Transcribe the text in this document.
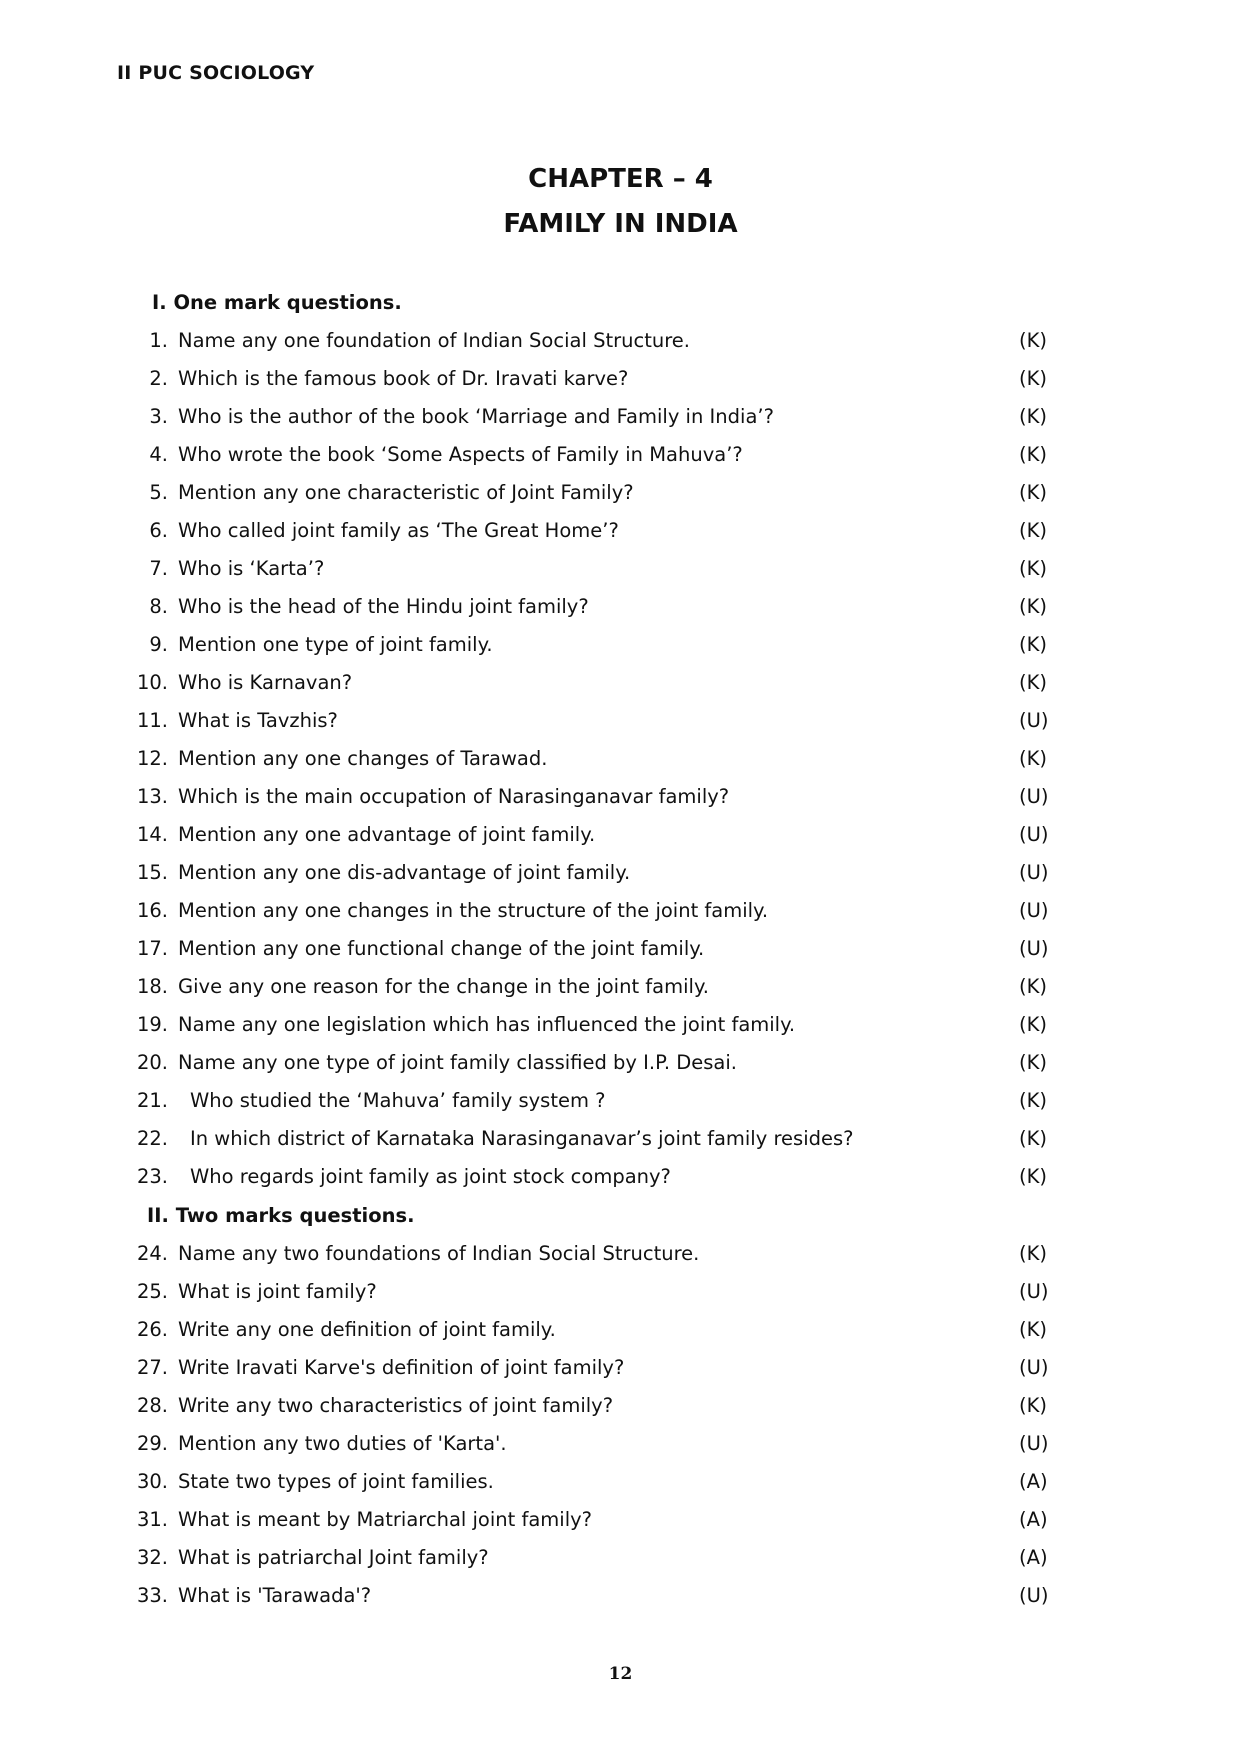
II PUC SOCIOLOGY
CHAPTER – 4
FAMILY IN INDIA
I. One mark questions.
1. Name any one foundation of Indian Social Structure.	(K)
2. Which is the famous book of Dr. Iravati karve?	(K)
3. Who is the author of the book ‘Marriage and Family in India’?	(K)
4. Who wrote the book ‘Some Aspects of Family in Mahuva’?	(K)
5. Mention any one characteristic of Joint Family?	(K)
6. Who called joint family as ‘The Great Home’?	(K)
7. Who is ‘Karta’?	(K)
8. Who is the head of the Hindu joint family?	(K)
9. Mention one type of joint family.	(K)
10. Who is Karnavan?	(K)
11. What is Tavzhis?	(U)
12. Mention any one changes of Tarawad.	(K)
13. Which is the main occupation of Narasinganavar family?	(U)
14. Mention any one advantage of joint family.	(U)
15. Mention any one dis-advantage of joint family.	(U)
16. Mention any one changes in the structure of the joint family.	(U)
17. Mention any one functional change of the joint family.	(U)
18. Give any one reason for the change in the joint family.	(K)
19. Name any one legislation which has influenced the joint family.	(K)
20. Name any one type of joint family classified by I.P. Desai.	(K)
21. Who studied the ‘Mahuva’ family system ?	(K)
22. In which district of Karnataka Narasinganavar’s joint family resides?	(K)
23. Who regards joint family as joint stock company?	(K)
II. Two marks questions.
24. Name any two foundations of Indian Social Structure.	(K)
25. What is joint family?	(U)
26. Write any one definition of joint family.	(K)
27. Write Iravati Karve's definition of joint family?	(U)
28. Write any two characteristics of joint family?	(K)
29. Mention any two duties of 'Karta'.	(U)
30. State two types of joint families.	(A)
31. What is meant by Matriarchal joint family?	(A)
32. What is patriarchal Joint family?	(A)
33. What is 'Tarawada'?	(U)
12
